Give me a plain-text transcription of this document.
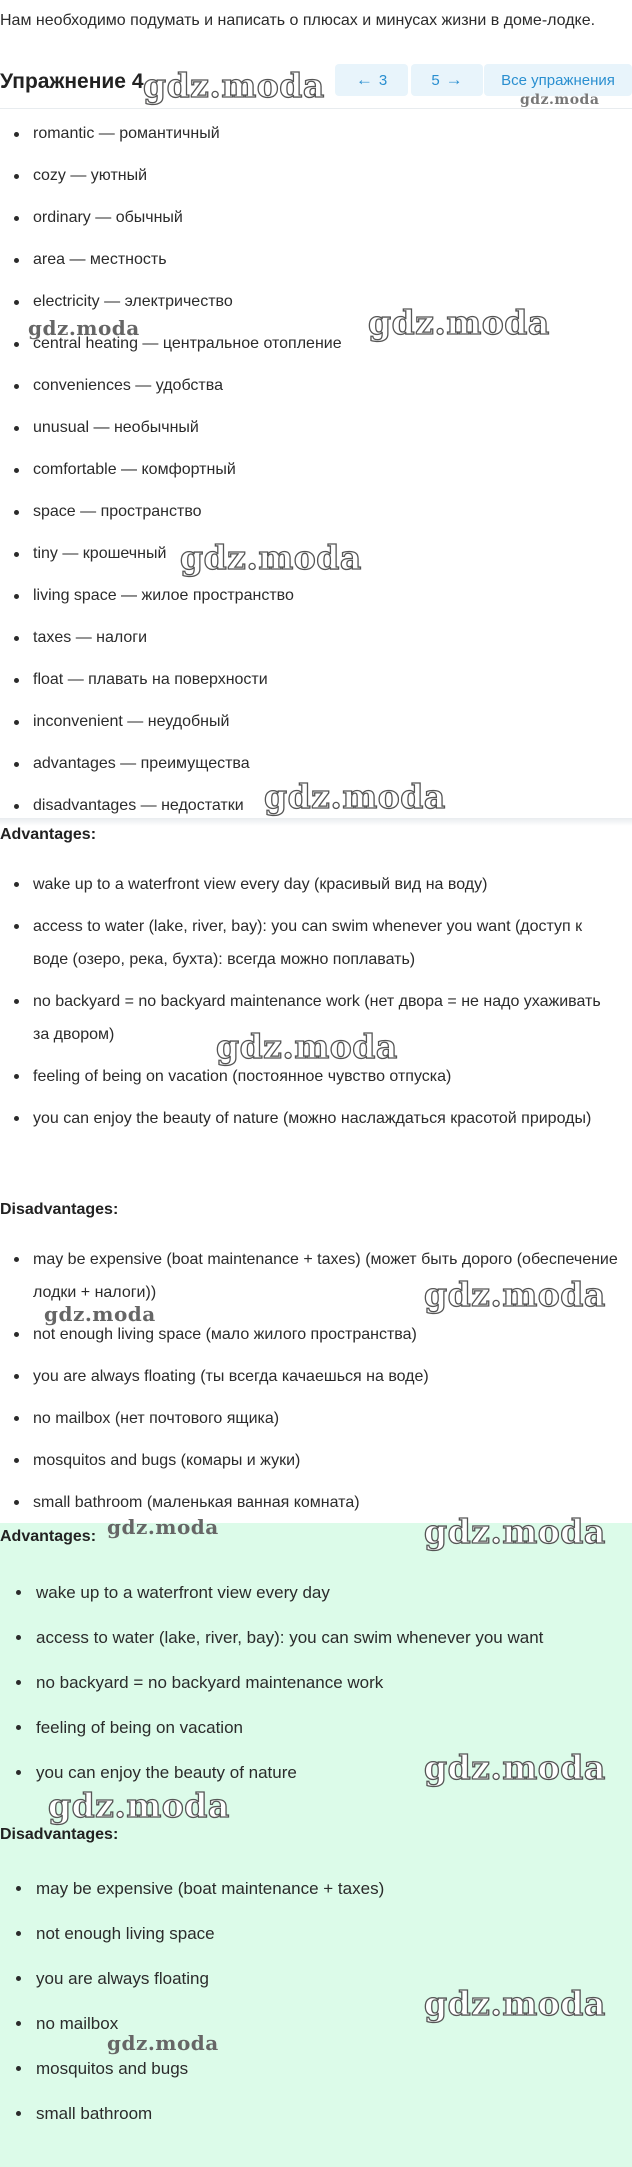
Нам необходимо подумать и написать о плюсах и минусах жизни в доме-лодке.
Упражнение 4	← 3	5 →	Все упражнения
romantic — романтичный
cozy — уютный
ordinary — обычный
area — местность
electricity — электричество
central heating — центральное отопление
conveniences — удобства
unusual — необычный
comfortable — комфортный
space — пространство
tiny — крошечный
living space — жилое пространство
taxes — налоги
float — плавать на поверхности
inconvenient — неудобный
advantages — преимущества
disadvantages — недостатки
Advantages:
wake up to a waterfront view every day (красивый вид на воду)
access to water (lake, river, bay): you can swim whenever you want (доступ к воде (озеро, река, бухта): всегда можно поплавать)
no backyard = no backyard maintenance work (нет двора = не надо ухаживать за двором)
feeling of being on vacation (постоянное чувство отпуска)
you can enjoy the beauty of nature (можно наслаждаться красотой природы)
Disadvantages:
may be expensive (boat maintenance + taxes) (может быть дорого (обеспечение лодки + налоги))
not enough living space (мало жилого пространства)
you are always floating (ты всегда качаешься на воде)
no mailbox (нет почтового ящика)
mosquitos and bugs (комары и жуки)
small bathroom (маленькая ванная комната)
Advantages:
wake up to a waterfront view every day
access to water (lake, river, bay): you can swim whenever you want
no backyard = no backyard maintenance work
feeling of being on vacation
you can enjoy the beauty of nature
Disadvantages:
may be expensive (boat maintenance + taxes)
not enough living space
you are always floating
no mailbox
mosquitos and bugs
small bathroom
gdz.moda	gdz.moda
gdz.moda
gdz.moda
gdz.moda
gdz.moda
gdz.moda
gdz.moda
gdz.moda
gdz.moda	gdz.moda
gdz.moda
gdz.moda
gdz.moda
gdz.moda
